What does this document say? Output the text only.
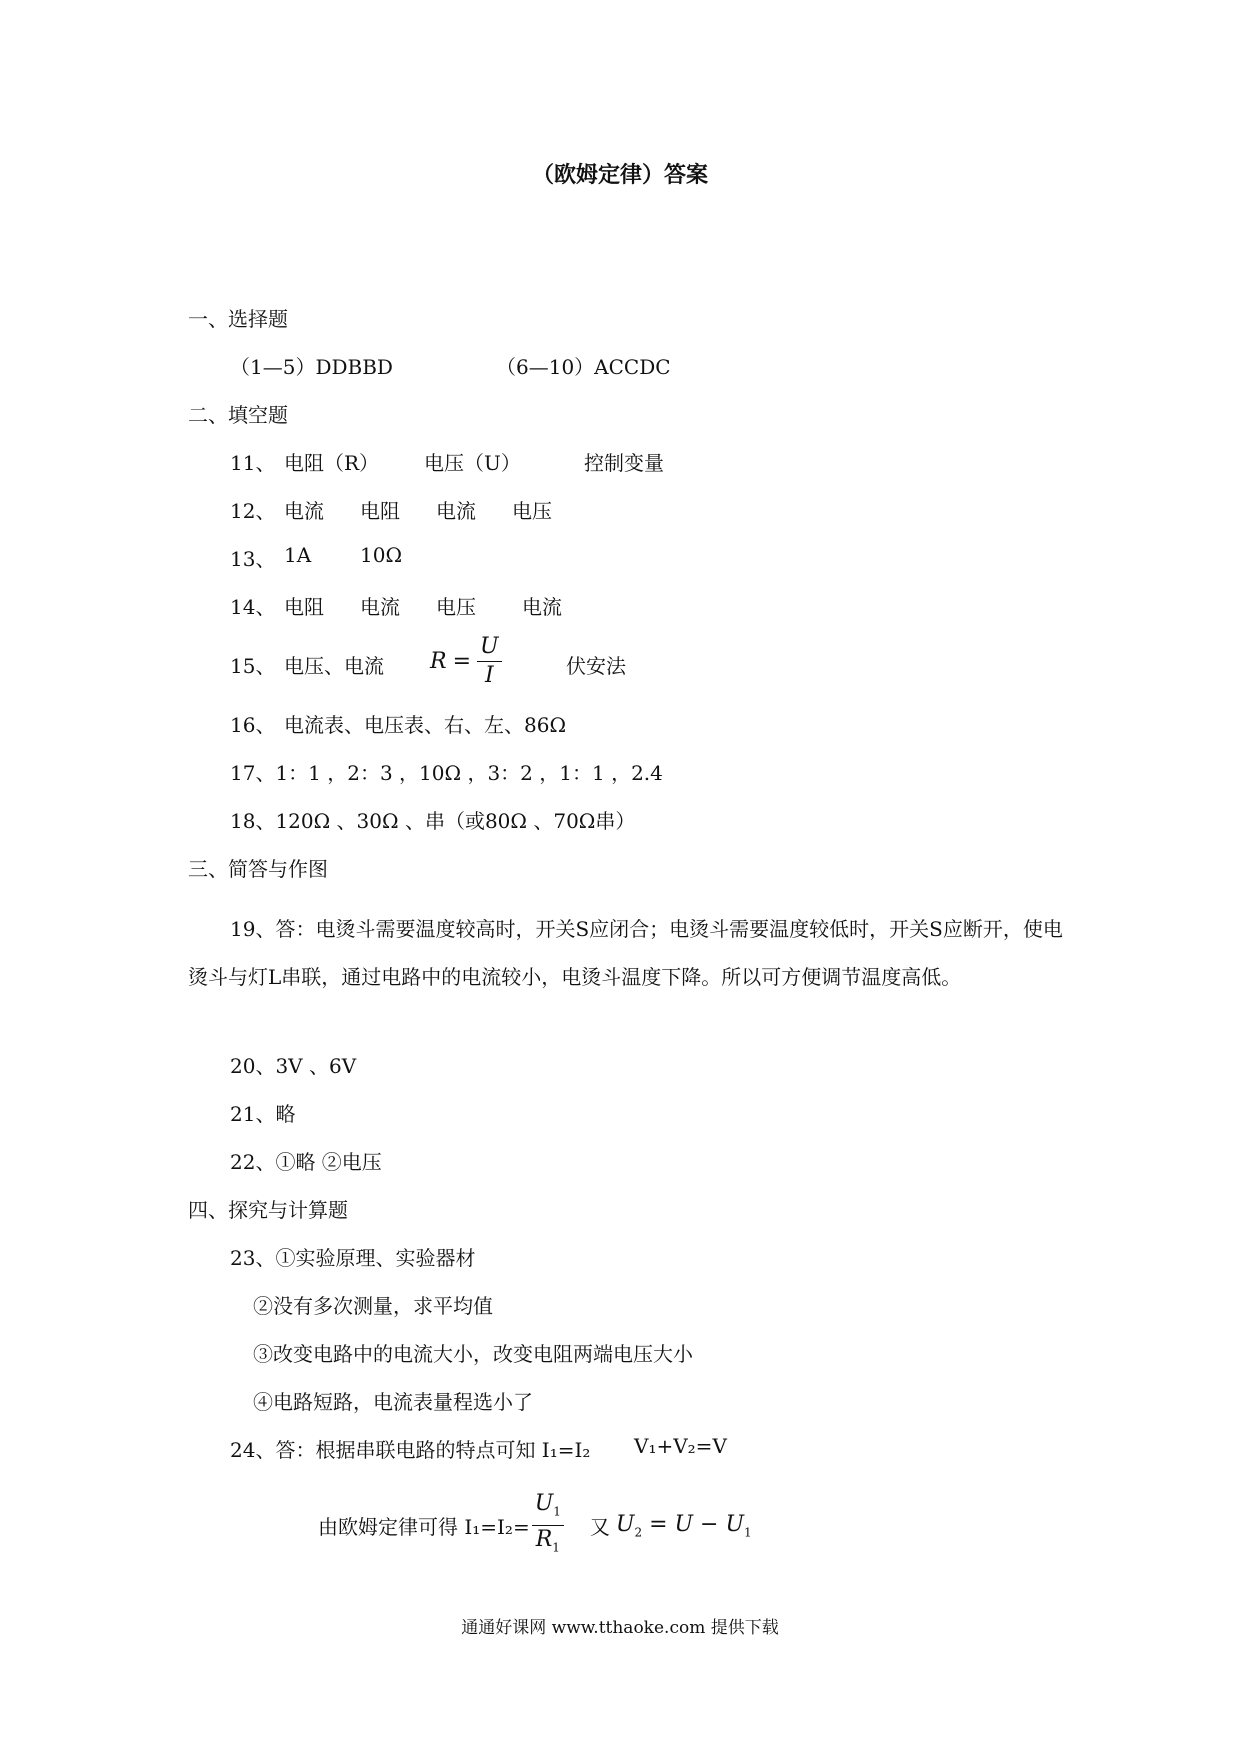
（欧姆定律）答案
一、选择题
（1—5）DDBBD	（6—10）ACCDC
二、填空题
11、 电阻（R） 电压（U）	控制变量
12、 电流 电阻 电流 电压
13、 1A 10Ω
14、 电阻 电流 电压 电流
15、 电压、电流 $R = \frac{U}{I}$	伏安法
16、 电流表、电压表、右、左、86Ω
17、1：1 ，2：3 ，10Ω ，3：2 ，1：1 ，2.4
18、120Ω 、30Ω 、串（或80Ω 、70Ω串）
三、简答与作图
19、答：电烫斗需要温度较高时，开关S应闭合；电烫斗需要温度较低时，开关S应断开，使电烫斗与灯L串联，通过电路中的电流较小，电烫斗温度下降。所以可方便调节温度高低。
20、3V 、6V
21、略
22、①略 ②电压
四、探究与计算题
23、①实验原理、实验器材
②没有多次测量，求平均值
③改变电路中的电流大小，改变电阻两端电压大小
④电路短路，电流表量程选小了
24、答：根据串联电路的特点可知 I₁=I₂ V₁+V₂=V
由欧姆定律可得 $I_1=I_2= \frac{U_1}{R_1}$ 又 $U_2 = U - U_1$
通通好课网 www.tthaoke.com 提供下载
